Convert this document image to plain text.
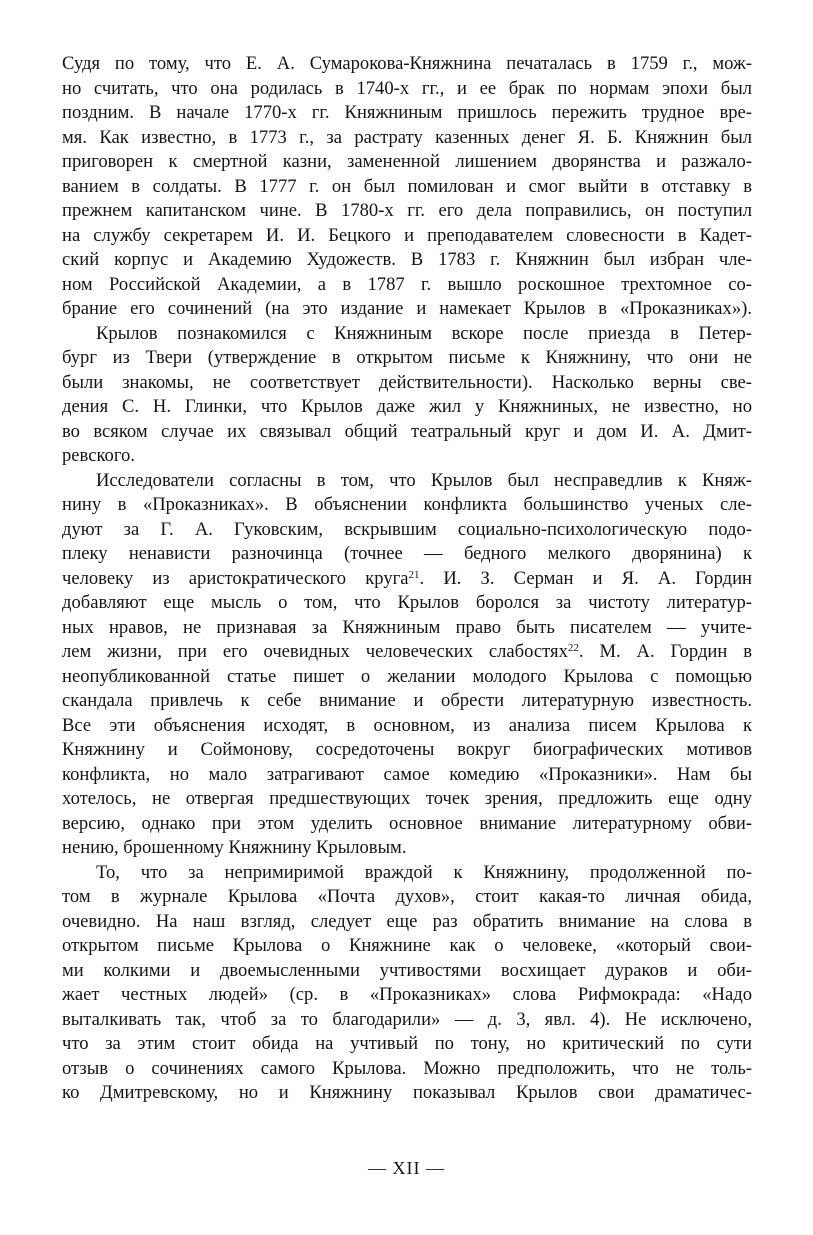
Судя по тому, что Е. А. Сумарокова-Княжнина печаталась в 1759 г., мож-
но считать, что она родилась в 1740-х гг., и ее брак по нормам эпохи был
поздним. В начале 1770-х гг. Княжниным пришлось пережить трудное вре-
мя. Как известно, в 1773 г., за растрату казенных денег Я. Б. Княжнин был
приговорен к смертной казни, замененной лишением дворянства и разжало-
ванием в солдаты. В 1777 г. он был помилован и смог выйти в отставку в
прежнем капитанском чине. В 1780-х гг. его дела поправились, он поступил
на службу секретарем И. И. Бецкого и преподавателем словесности в Кадет-
ский корпус и Академию Художеств. В 1783 г. Княжнин был избран чле-
ном Российской Академии, а в 1787 г. вышло роскошное трехтомное со-
брание его сочинений (на это издание и намекает Крылов в «Проказниках»).

Крылов познакомился с Княжниным вскоре после приезда в Петер-
бург из Твери (утверждение в открытом письме к Княжнину, что они не
были знакомы, не соответствует действительности). Насколько верны све-
дения С. Н. Глинки, что Крылов даже жил у Княжниных, не известно, но
во всяком случае их связывал общий театральный круг и дом И. А. Дмит-
ревского.

Исследователи согласны в том, что Крылов был несправедлив к Княж-
нину в «Проказниках». В объяснении конфликта большинство ученых сле-
дуют за Г. А. Гуковским, вскрывшим социально-психологическую подо-
плеку ненависти разночинца (точнее — бедного мелкого дворянина) к
человеку из аристократического круга$^{21}$. И. З. Серман и Я. А. Гордин
добавляют еще мысль о том, что Крылов боролся за чистоту литератур-
ных нравов, не признавая за Княжниным право быть писателем — учите-
лем жизни, при его очевидных человеческих слабостях$^{22}$. М. А. Гордин в
неопубликованной статье пишет о желании молодого Крылова с помощью
скандала привлечь к себе внимание и обрести литературную известность.
Все эти объяснения исходят, в основном, из анализа писем Крылова к
Княжнину и Соймонову, сосредоточены вокруг биографических мотивов
конфликта, но мало затрагивают самое комедию «Проказники». Нам бы
хотелось, не отвергая предшествующих точек зрения, предложить еще одну
версию, однако при этом уделить основное внимание литературному обви-
нению, брошенному Княжнину Крыловым.

То, что за непримиримой враждой к Княжнину, продолженной по-
том в журнале Крылова «Почта духов», стоит какая-то личная обида,
очевидно. На наш взгляд, следует еще раз обратить внимание на слова в
открытом письме Крылова о Княжнине как о человеке, «который свои-
ми колкими и двоемысленными учтивостями восхищает дураков и оби-
жает честных людей» (ср. в «Проказниках» слова Рифмокрада: «Надо
выталкивать так, чтоб за то благодарили» — д. 3, явл. 4). Не исключено,
что за этим стоит обида на учтивый по тону, но критический по сути
отзыв о сочинениях самого Крылова. Можно предположить, что не толь-
ко Дмитревскому, но и Княжнину показывал Крылов свои драматичес-

— XII —
